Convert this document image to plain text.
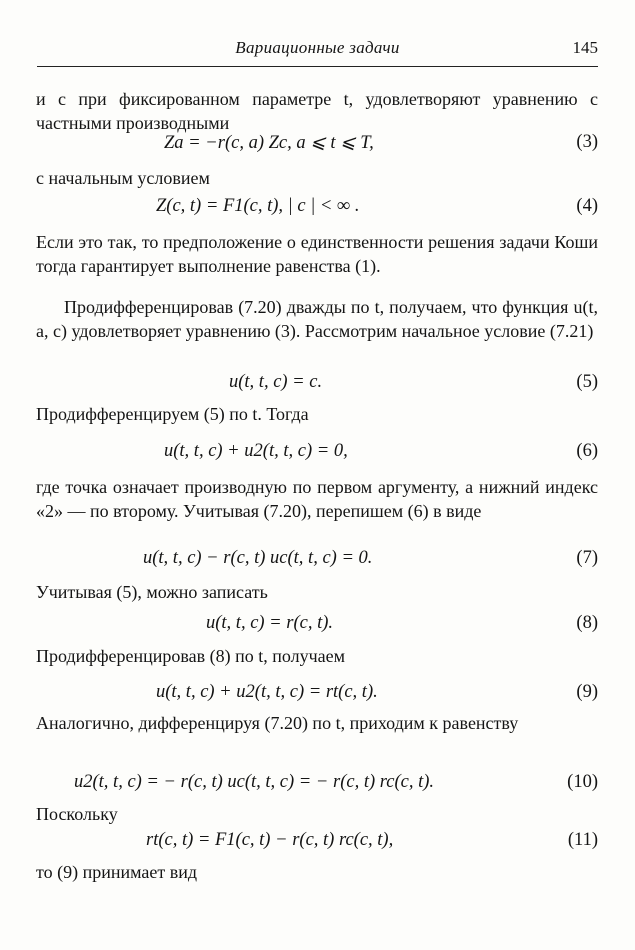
Вариационные задачи	145

и c при фиксированном параметре t, удовлетворяют уравнению с частными производными

Za = −r(c, a) Zc, a ⩽ t ⩽ T,	(3)

с начальным условием

Z(c, t) = F1(c, t), | c | < ∞ .	(4)

Если это так, то предположение о единственности решения задачи Коши тогда гарантирует выполнение равенства (1).

Продифференцировав (7.20) дважды по t, получаем, что функция u(t, a, c) удовлетворяет уравнению (3). Рассмотрим начальное условие (7.21)

u(t, t, c) = c.	(5)

Продифференцируем (5) по t. Тогда

u(t, t, c) + u2(t, t, c) = 0,	(6)

где точка означает производную по первом аргументу, а нижний индекс «2» — по второму. Учитывая (7.20), перепишем (6) в виде

u(t, t, c) − r(c, t) uc(t, t, c) = 0.	(7)

Учитывая (5), можно записать

u(t, t, c) = r(c, t).	(8)

Продифференцировав (8) по t, получаем

u(t, t, c) + u2(t, t, c) = rt(c, t).	(9)

Аналогично, дифференцируя (7.20) по t, приходим к равенству

u2(t, t, c) = − r(c, t) uc(t, t, c) = − r(c, t) rc(c, t).	(10)

Поскольку

rt(c, t) = F1(c, t) − r(c, t) rc(c, t),	(11)

то (9) принимает вид
